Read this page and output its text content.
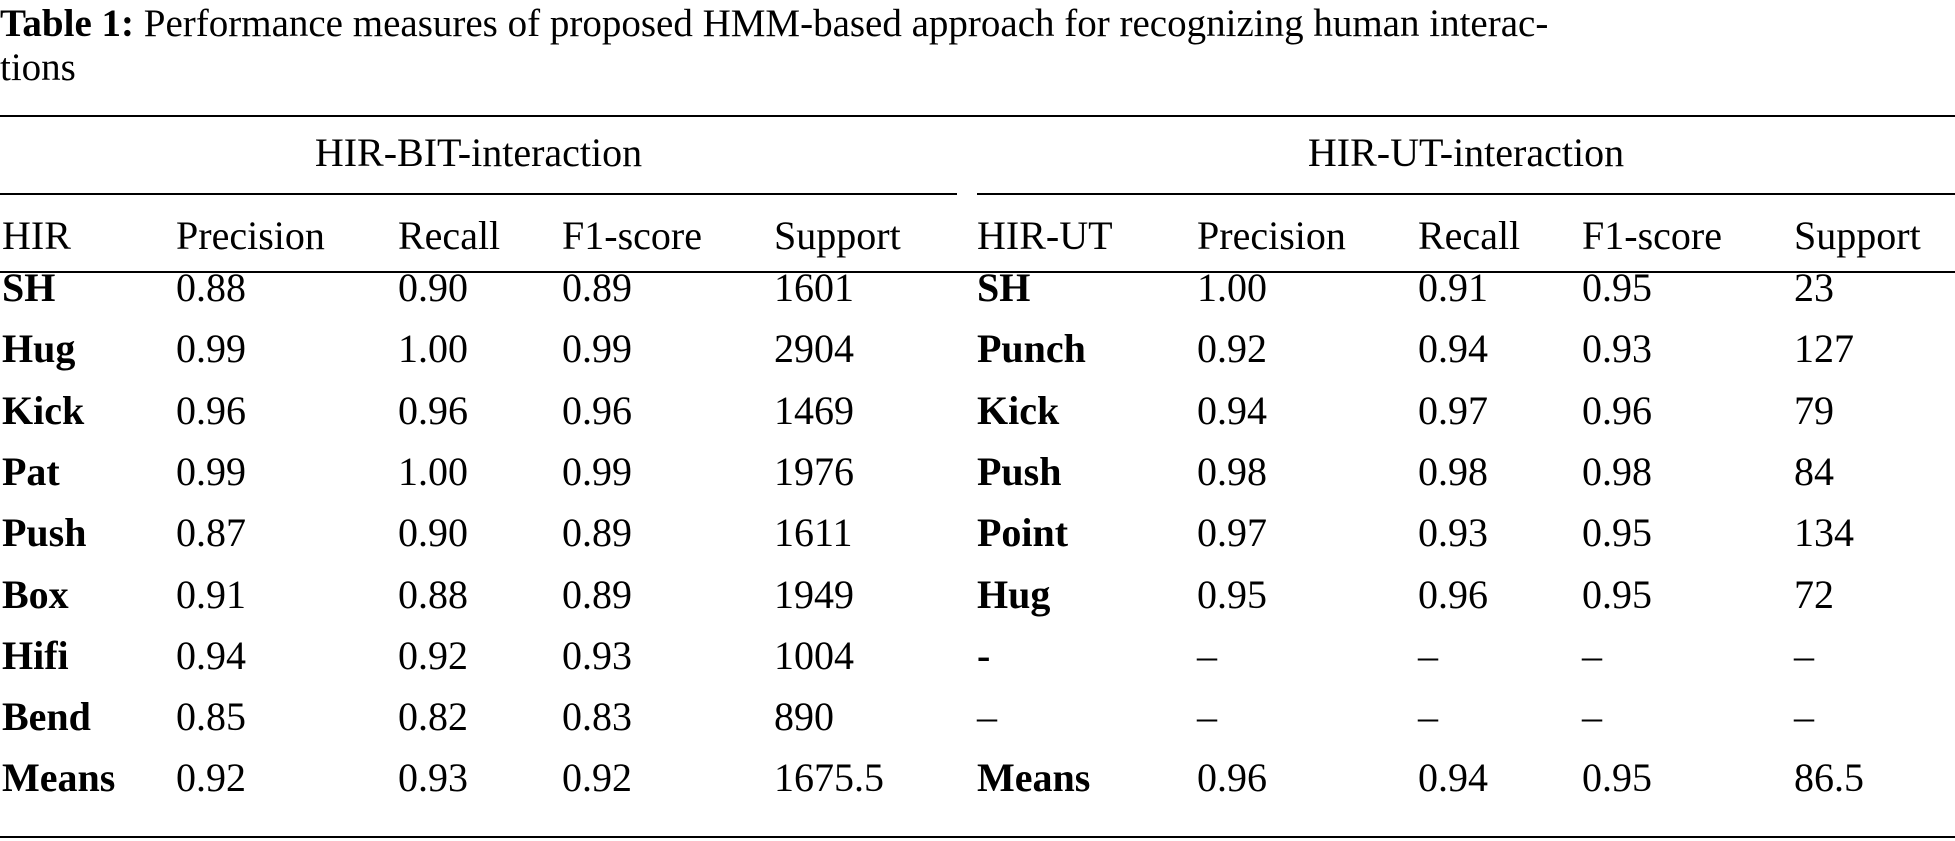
Table 1: Performance measures of proposed HMM-based approach for recognizing human interac-
tions
HIR-BIT-interaction	HIR-UT-interaction
HIR	Precision Recall F1-score Support HIR-UT Precision Recall F1-score Support
SH	0.88	0.90 0.89	1601	SH	1.00	0.91 0.95	23
Hug	0.99	1.00 0.99	2904	Punch	0.92	0.94 0.93	127
Kick 0.96	0.96 0.96	1469	Kick	0.94	0.97 0.96	79
Pat	0.99	1.00 0.99	1976	Push	0.98	0.98 0.98	84
Push 0.87	0.90 0.89	1611	Point	0.97	0.93 0.95	134
Box	0.91	0.88 0.89	1949	Hug	0.95	0.96 0.95	72
Hifi	0.94	0.92 0.93	1004	-	–	–	–	–
Bend 0.85	0.82 0.83	890	–	–	–	–	–
Means 0.92	0.93 0.92	1675.5 Means	0.96	0.94 0.95	86.5
